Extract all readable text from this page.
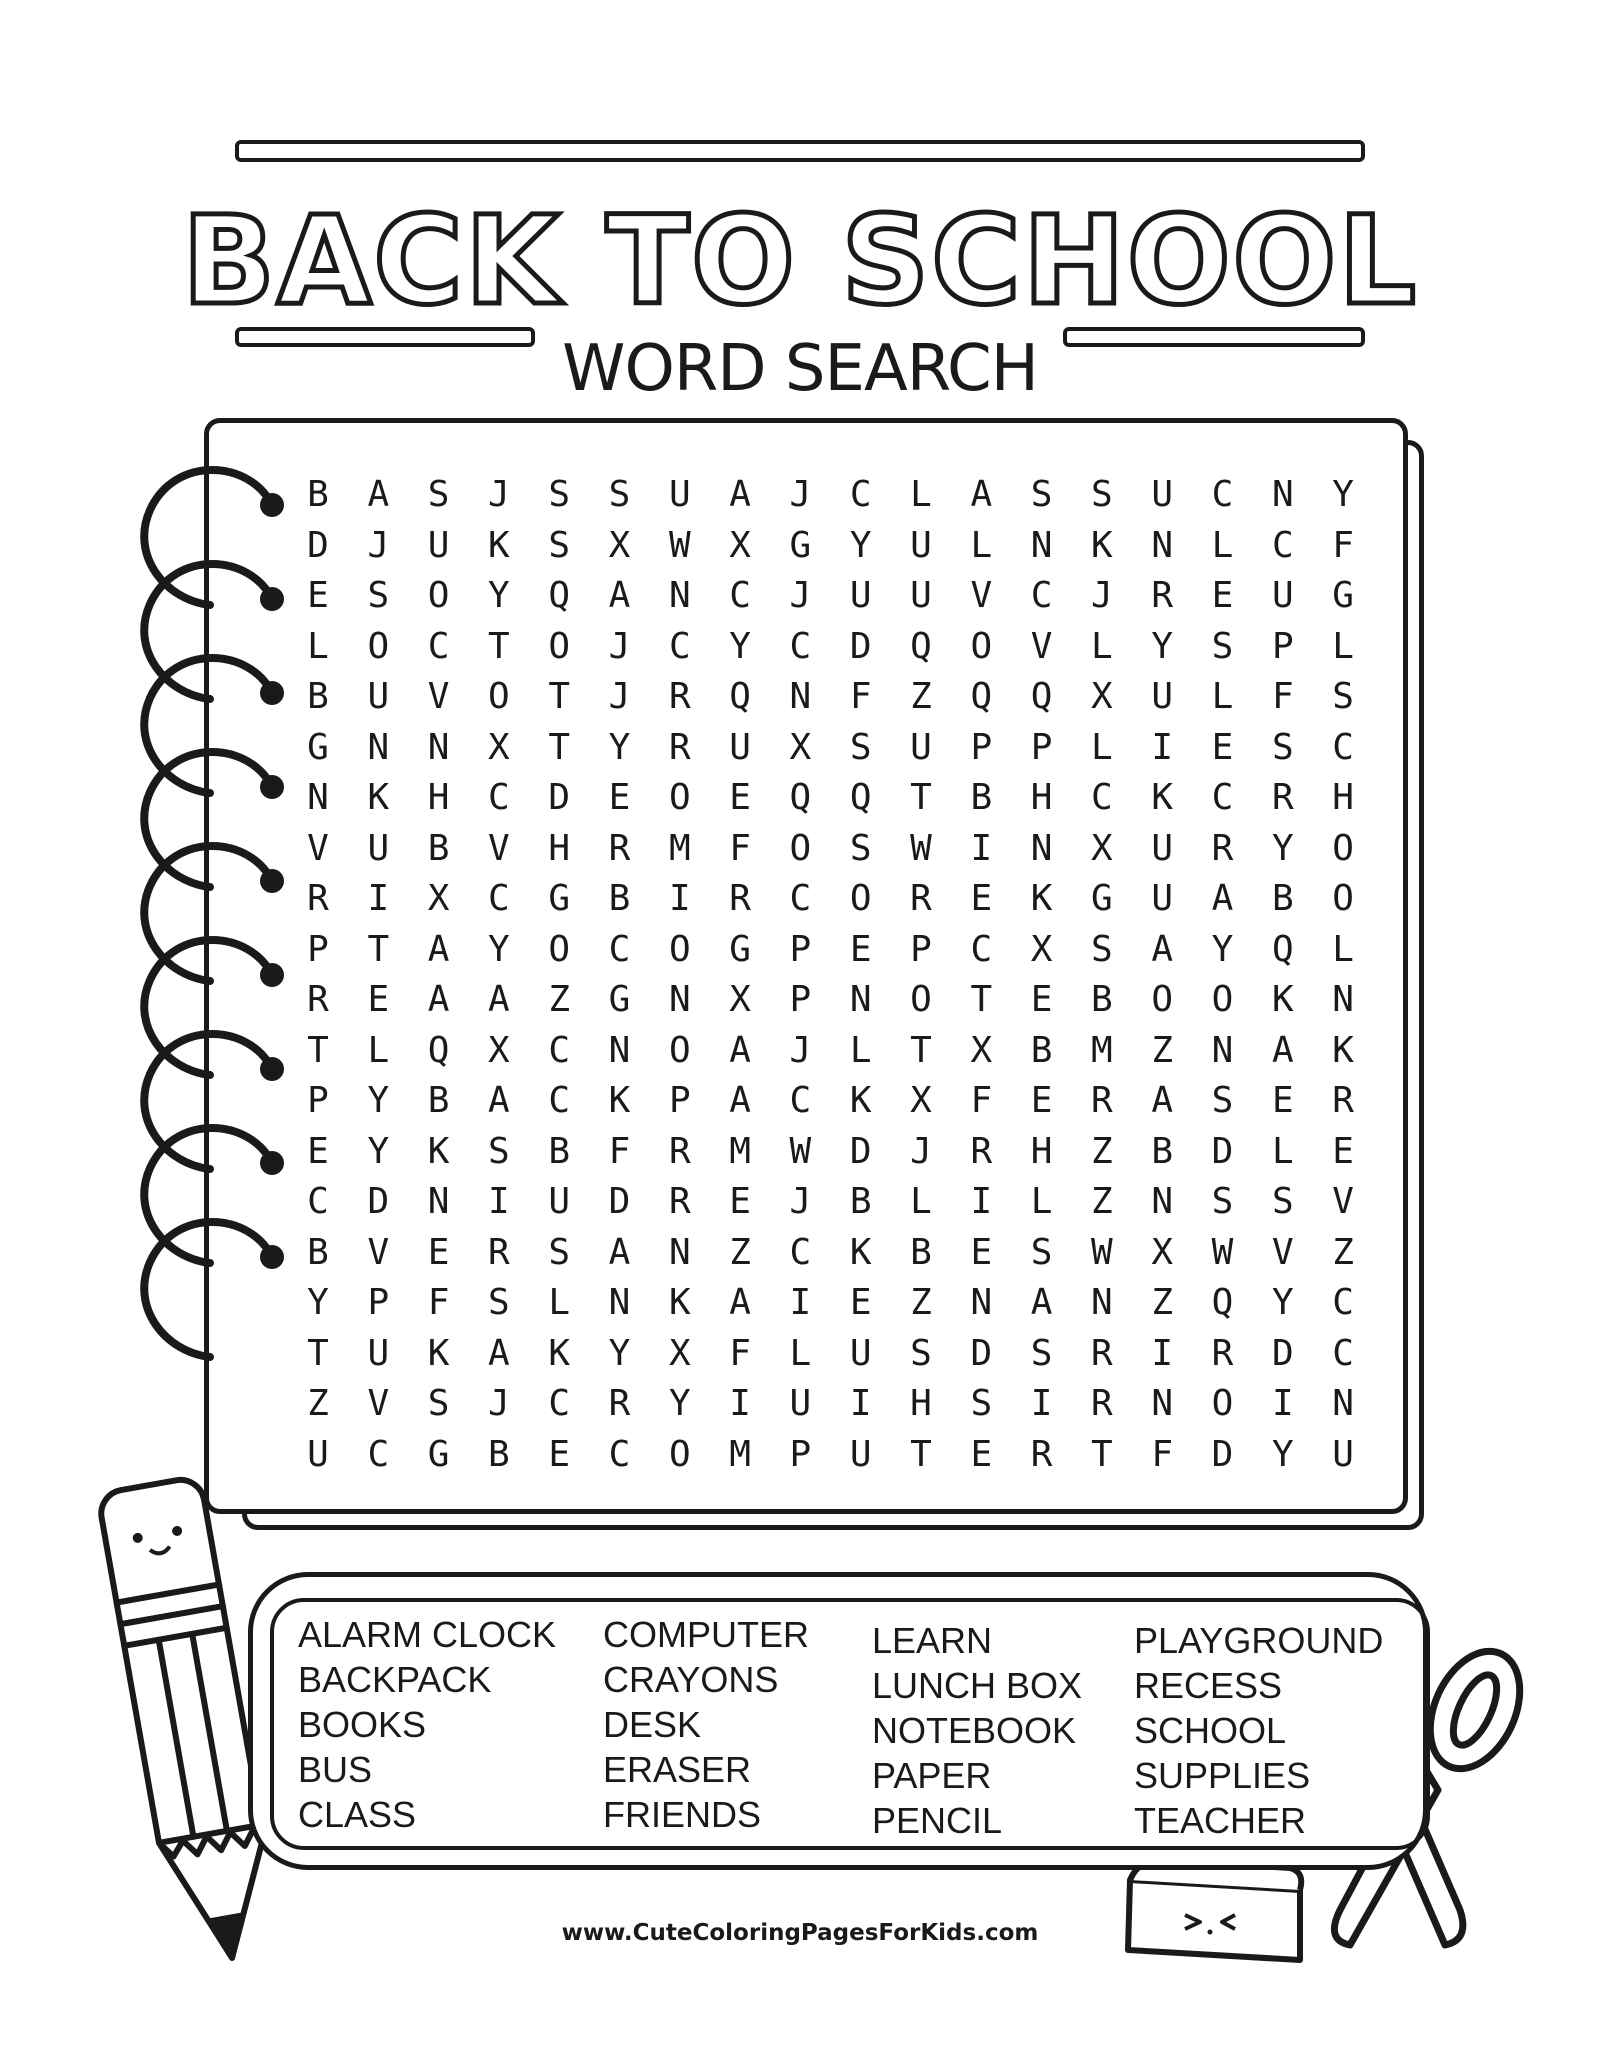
BACK TO SCHOOL
WORD SEARCH
B	A	S	J	S	S	U	A	J	C	L	A	S	S	U	C	N	Y
D	J	U	K	S	X	W	X	G	Y	U	L	N	K	N	L	C	F
E	S	O	Y	Q	A	N	C	J	U	U	V	C	J	R	E	U	G
L	O	C	T	O	J	C	Y	C	D	Q	O	V	L	Y	S	P	L
B	U	V	O	T	J	R	Q	N	F	Z	Q	Q	X	U	L	F	S
G	N	N	X	T	Y	R	U	X	S	U	P	P	L	I	E	S	C
N	K	H	C	D	E	O	E	Q	Q	T	B	H	C	K	C	R	H
V	U	B	V	H	R	M	F	O	S	W	I	N	X	U	R	Y	O
R	I	X	C	G	B	I	R	C	O	R	E	K	G	U	A	B	O
P	T	A	Y	O	C	O	G	P	E	P	C	X	S	A	Y	Q	L
R	E	A	A	Z	G	N	X	P	N	O	T	E	B	O	O	K	N
T	L	Q	X	C	N	O	A	J	L	T	X	B	M	Z	N	A	K
P	Y	B	A	C	K	P	A	C	K	X	F	E	R	A	S	E	R
E	Y	K	S	B	F	R	M	W	D	J	R	H	Z	B	D	L	E
C	D	N	I	U	D	R	E	J	B	L	I	L	Z	N	S	S	V
B	V	E	R	S	A	N	Z	C	K	B	E	S	W	X	W	V	Z
Y	P	F	S	L	N	K	A	I	E	Z	N	A	N	Z	Q	Y	C
T	U	K	A	K	Y	X	F	L	U	S	D	S	R	I	R	D	C
Z	V	S	J	C	R	Y	I	U	I	H	S	I	R	N	O	I	N
U	C	G	B	E	C	O	M	P	U	T	E	R	T	F	D	Y	U
ALARM CLOCK
BACKPACK
BOOKS
BUS
CLASS
COMPUTER
CRAYONS
DESK
ERASER
FRIENDS
LEARN
LUNCH BOX
NOTEBOOK
PAPER
PENCIL
PLAYGROUND
RECESS
SCHOOL
SUPPLIES
TEACHER
www.CuteColoringPagesForKids.com
